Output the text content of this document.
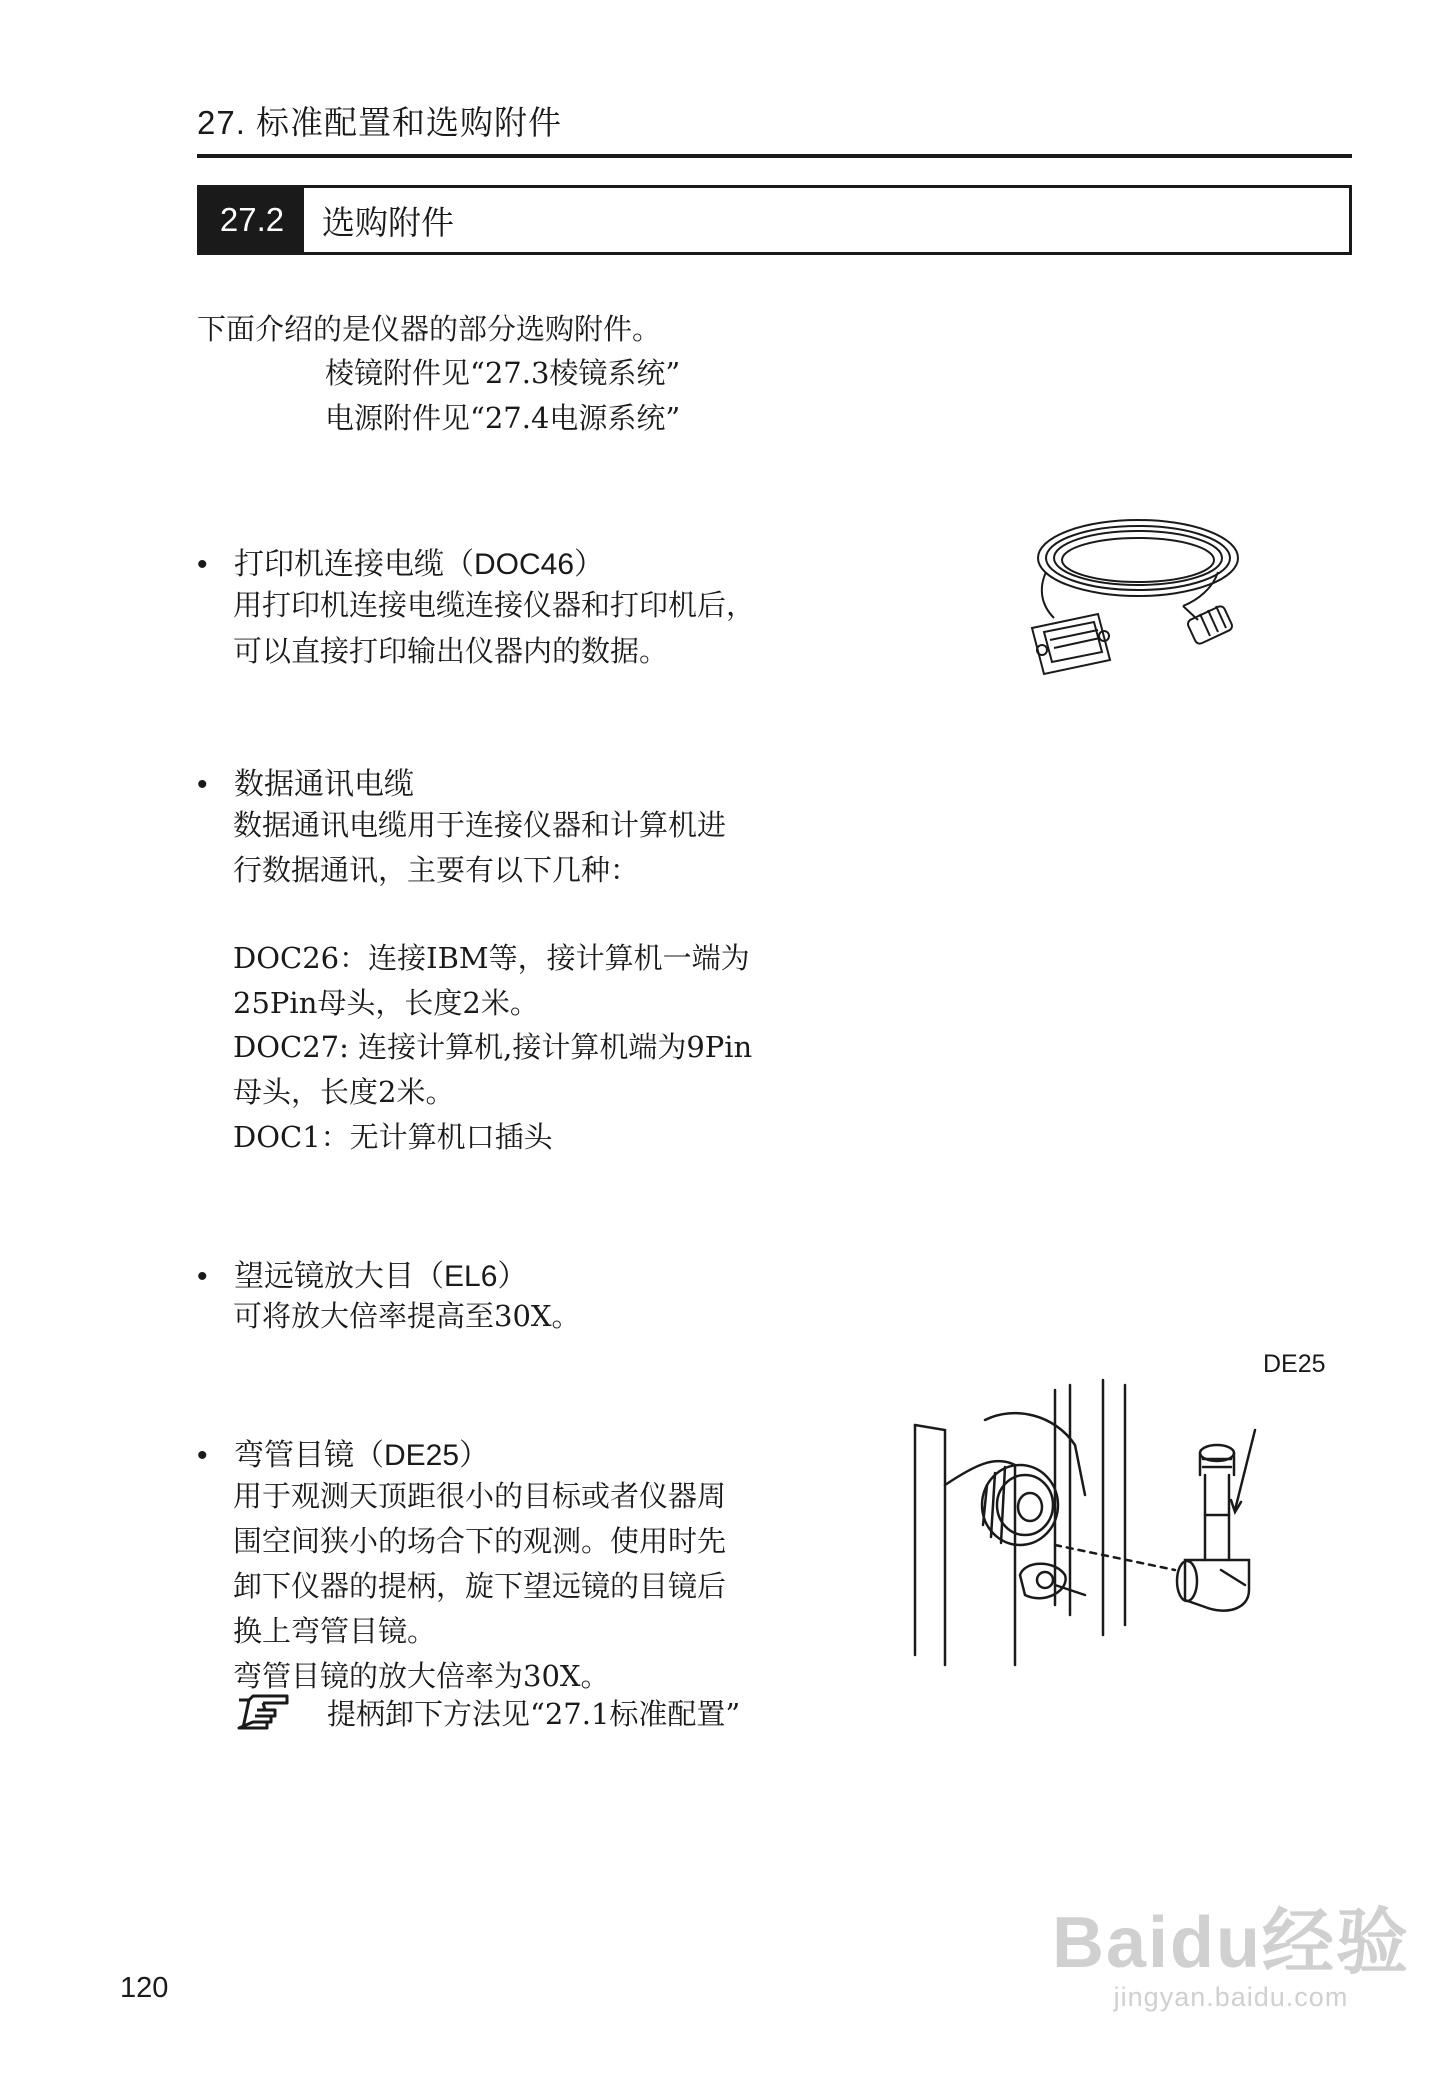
27. 标准配置和选购附件
27.2	选购附件
下面介绍的是仪器的部分选购附件。
棱镜附件见“27.3棱镜系统”
电源附件见“27.4电源系统”
• 打印机连接电缆（DOC46）
用打印机连接电缆连接仪器和打印机后，
可以直接打印输出仪器内的数据。
• 数据通讯电缆
数据通讯电缆用于连接仪器和计算机进
行数据通讯，主要有以下几种：
DOC26：连接IBM等，接计算机一端为
25Pin母头，长度2米。
DOC27: 连接计算机,接计算机端为9Pin
母头，长度2米。
DOC1：无计算机口插头
• 望远镜放大目（EL6）
可将放大倍率提高至30X。
• 弯管目镜（DE25）
用于观测天顶距很小的目标或者仪器周
围空间狭小的场合下的观测。使用时先
卸下仪器的提柄，旋下望远镜的目镜后
换上弯管目镜。
弯管目镜的放大倍率为30X。
提柄卸下方法见“27.1标准配置”
DE25
Baidu经验
jingyan.baidu.com
120
